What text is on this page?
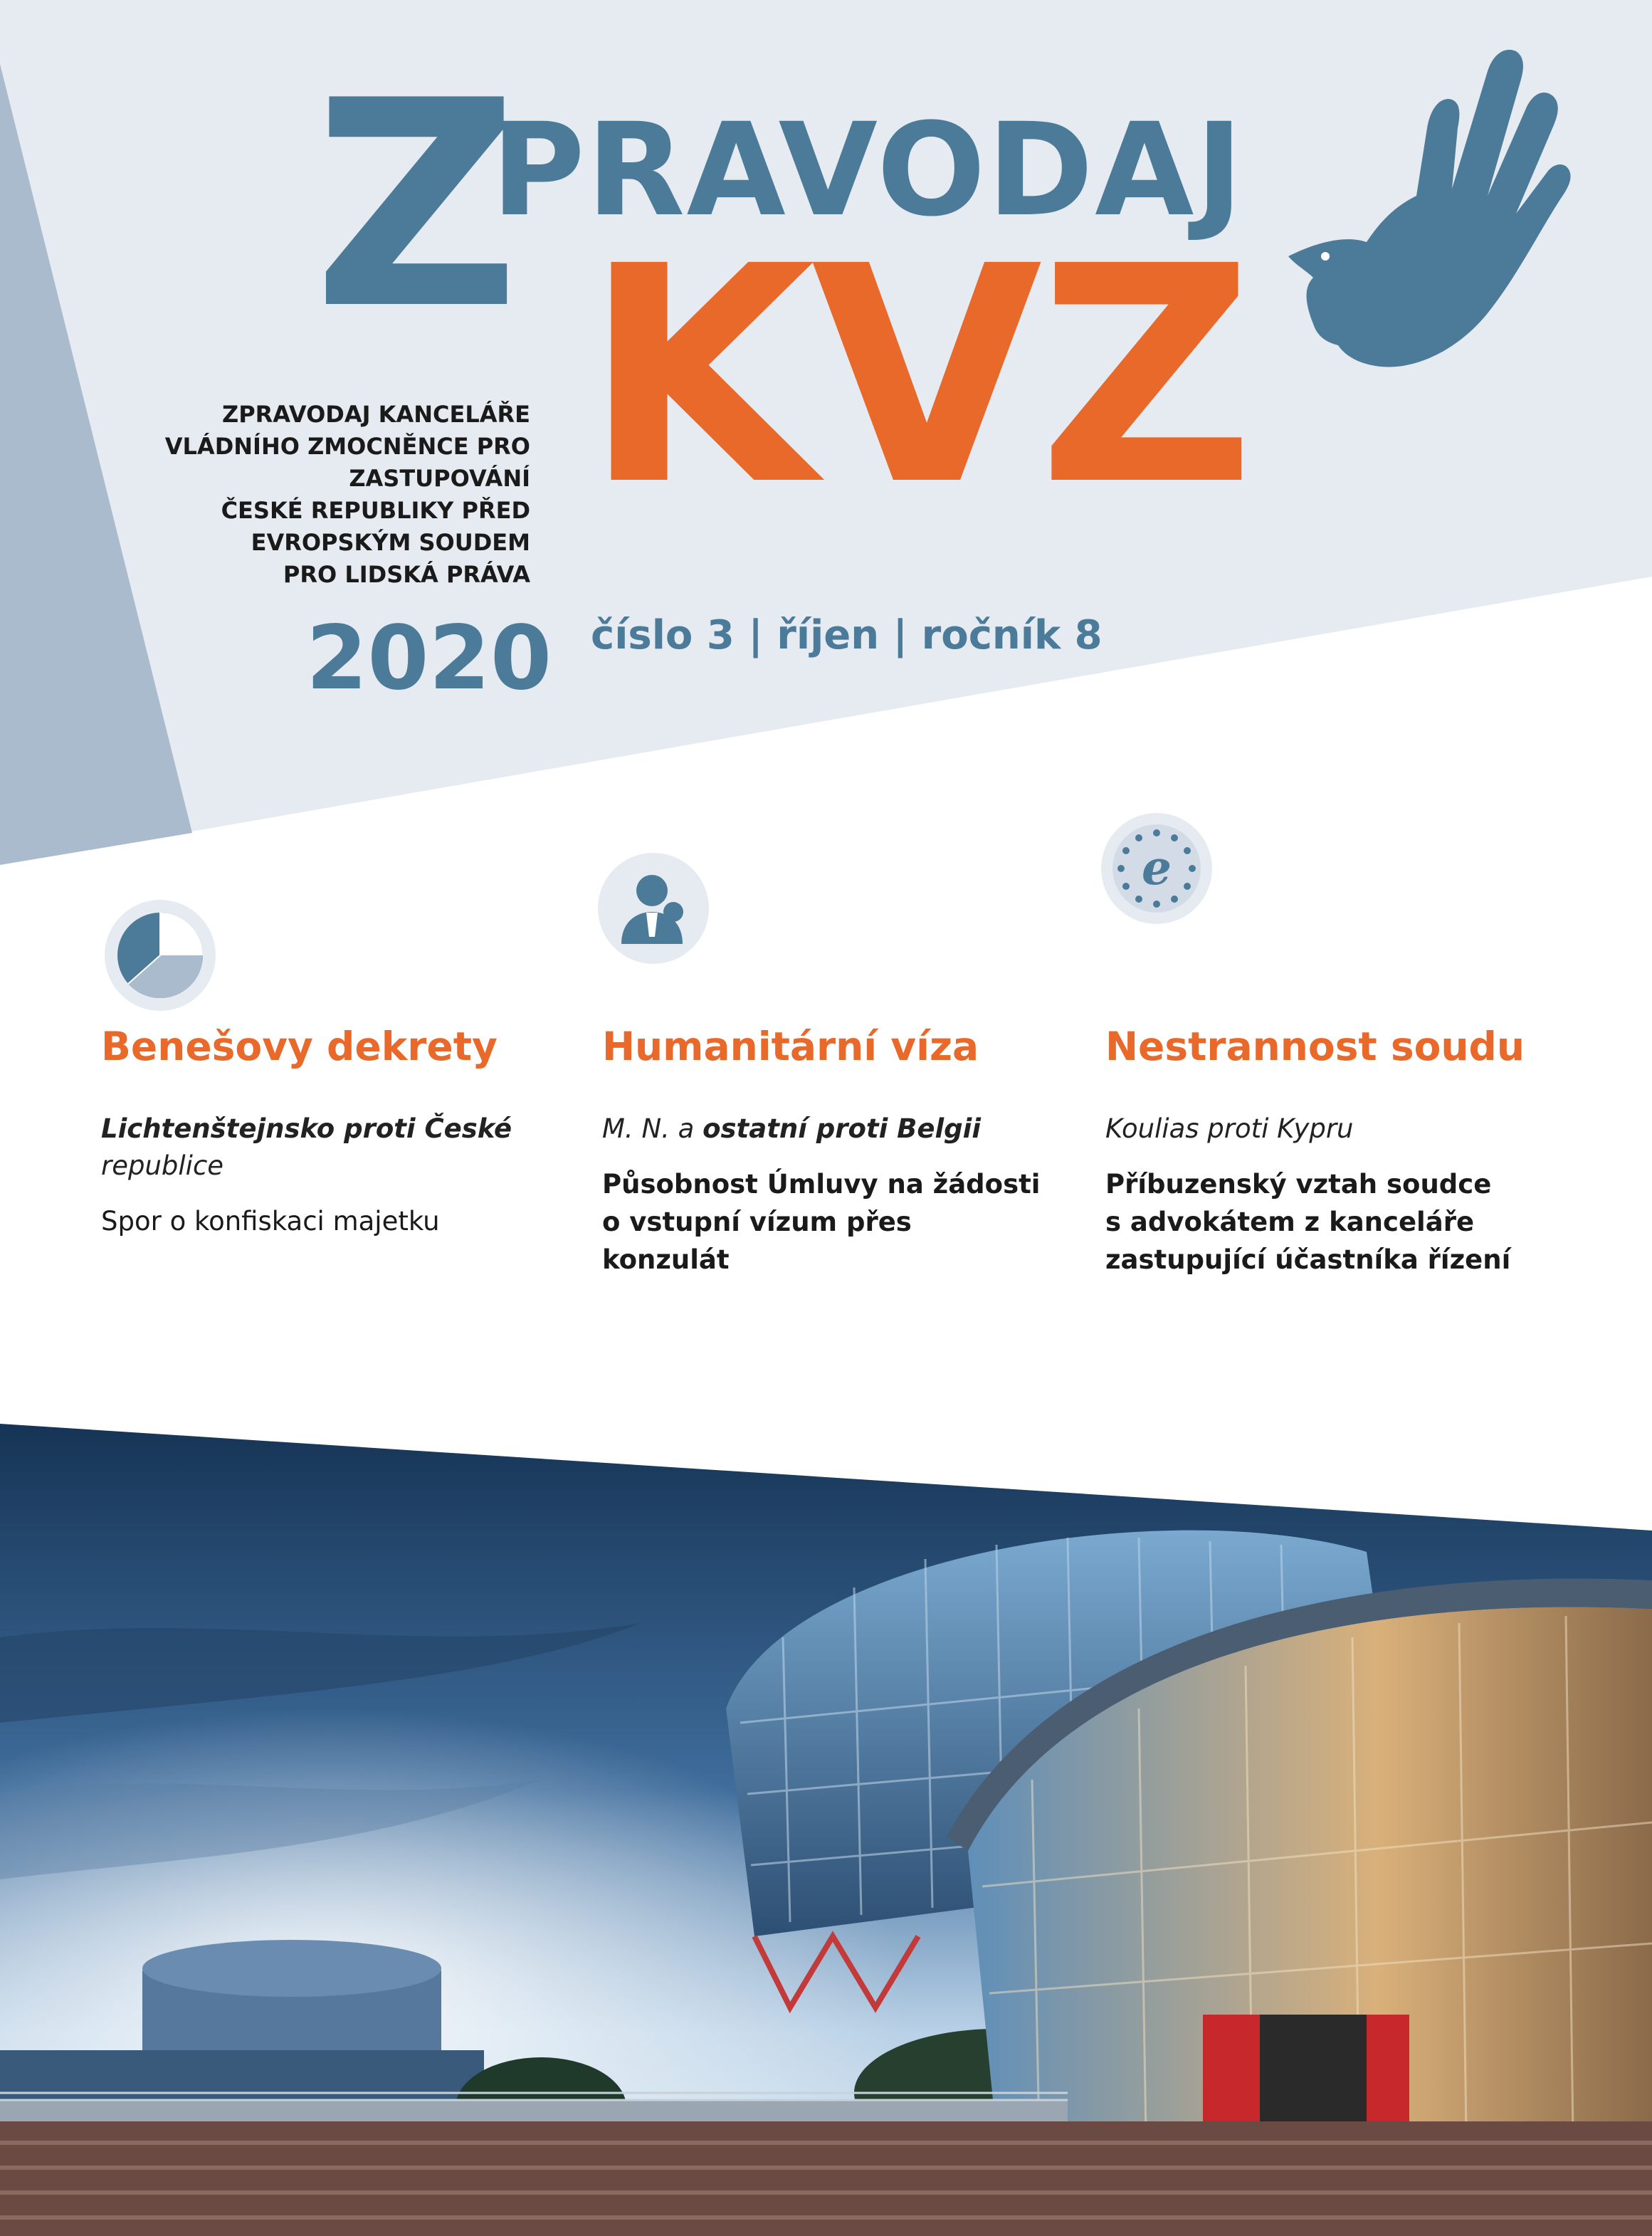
Z
PRAVODAJ
KVZ
ZPRAVODAJ KANCELÁŘE
VLÁDNÍHO ZMOCNĚNCE PRO
ZASTUPOVÁNÍ
ČESKÉ REPUBLIKY PŘED
EVROPSKÝM SOUDEM
PRO LIDSKÁ PRÁVA
2020 číslo 3 | říjen | ročník 8
e
Benešovy dekrety

Lichtenštejnsko proti České
republice

Spor o konfiskaci majetku

Humanitární víza

M. N. a ostatní proti Belgii

Působnost Úmluvy na žádosti
o vstupní vízum přes konzulát

Nestrannost soudu

Koulias proti Kypru

Příbuzenský vztah soudce
s advokátem z kanceláře
zastupující účastníka řízení
